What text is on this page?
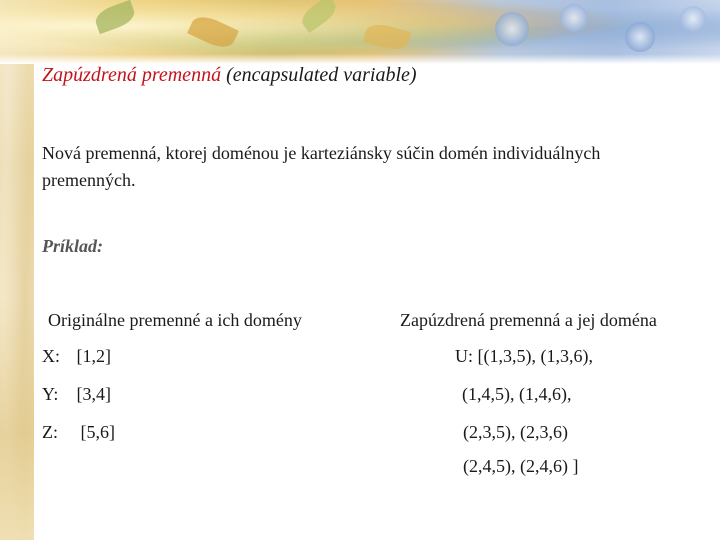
Zapúzdrená premenná (encapsulated variable)
Nová premenná, ktorej doménou je karteziánsky súčin domén individuálnych premenných.
Príklad:
Originálne premenné a ich domény	Zapúzdrená premenná a jej doména
X: [1,2]
Y: [3,4]
Z: [5,6]
U: [(1,3,5), (1,3,6),
(1,4,5), (1,4,6),
(2,3,5), (2,3,6)
(2,4,5), (2,4,6) ]
